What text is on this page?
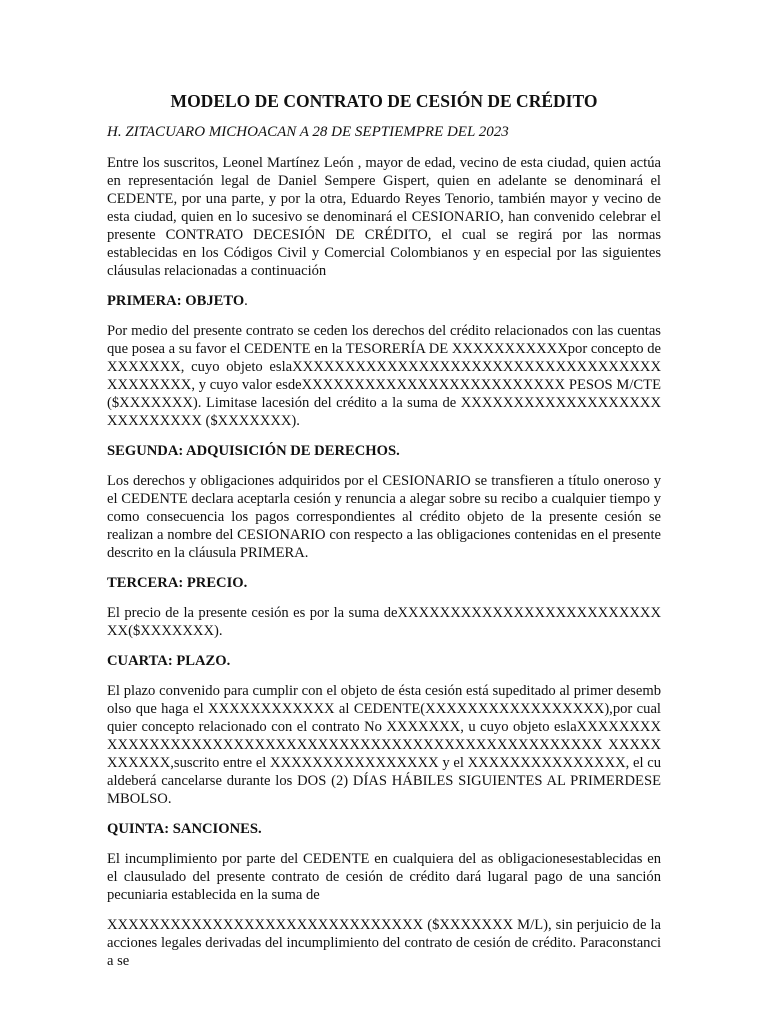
MODELO DE CONTRATO DE CESIÓN DE CRÉDITO
H. ZITACUARO MICHOACAN A 28 DE SEPTIEMPRE DEL 2023

Entre los suscritos, Leonel Martínez León , mayor de edad, vecino de esta ciudad, quien actúa en representación legal de Daniel Sempere Gispert, quien en adelante se denominará el CEDENTE, por una parte, y por la otra, Eduardo Reyes Tenorio, también mayor y vecino de esta ciudad, quien en lo sucesivo se denominará el CESIONARIO, han convenido celebrar el presente CONTRATO DECESIÓN DE CRÉDITO, el cual se regirá por las normas establecidas en los Códigos Civil y Comercial Colombianos y en especial por las siguientes cláusulas relacionadas a continuación

PRIMERA: OBJETO.

Por medio del presente contrato se ceden los derechos del crédito relacionados con las cuentas que posea a su favor el CEDENTE en la TESORERÍA DE XXXXXXXXXXXpor concepto de XXXXXXX, cuyo objeto eslaXXXXXXXXXXXXXXXXXXXXXXXXXXXXXXXXXXXXXXXXXXX, y cuyo valor esdeXXXXXXXXXXXXXXXXXXXXXXXXX PESOS M/CTE ($XXXXXXX). Limitase lacesión del crédito a la suma de XXXXXXXXXXXXXXXXXXXXXXXXXXXX ($XXXXXXX).

SEGUNDA: ADQUISICIÓN DE DERECHOS.

Los derechos y obligaciones adquiridos por el CESIONARIO se transfieren a título oneroso y el CEDENTE declara aceptarla cesión y renuncia a alegar sobre su recibo a cualquier tiempo y como consecuencia los pagos correspondientes al crédito objeto de la presente cesión se realizan a nombre del CESIONARIO con respecto a las obligaciones contenidas en el presente descrito en la cláusula PRIMERA.

TERCERA: PRECIO.

El precio de la presente cesión es por la suma deXXXXXXXXXXXXXXXXXXXXXXXXXXX($XXXXXXX).

CUARTA: PLAZO.

El plazo convenido para cumplir con el objeto de ésta cesión está supeditado al primer desembolso que haga el XXXXXXXXXXXX al CEDENTE(XXXXXXXXXXXXXXXXX),por cualquier concepto relacionado con el contrato No XXXXXXX, u cuyo objeto eslaXXXXXXXXXXXXXXXXXXXXXXXXXXXXXXXXXXXXXXXXXXXXXXXXXXXXXXX XXXXXXXXXXX,suscrito entre el XXXXXXXXXXXXXXXX y el XXXXXXXXXXXXXXX, el cualdeberá cancelarse durante los DOS (2) DÍAS HÁBILES SIGUIENTES AL PRIMERDESEMBOLSO.

QUINTA: SANCIONES.

El incumplimiento por parte del CEDENTE en cualquiera del as obligacionesestablecidas en el clausulado del presente contrato de cesión de crédito dará lugaral pago de una sanción pecuniaria establecida en la suma de

XXXXXXXXXXXXXXXXXXXXXXXXXXXXXX ($XXXXXXX M/L), sin perjuicio de laacciones legales derivadas del incumplimiento del contrato de cesión de crédito. Paraconstancia se
